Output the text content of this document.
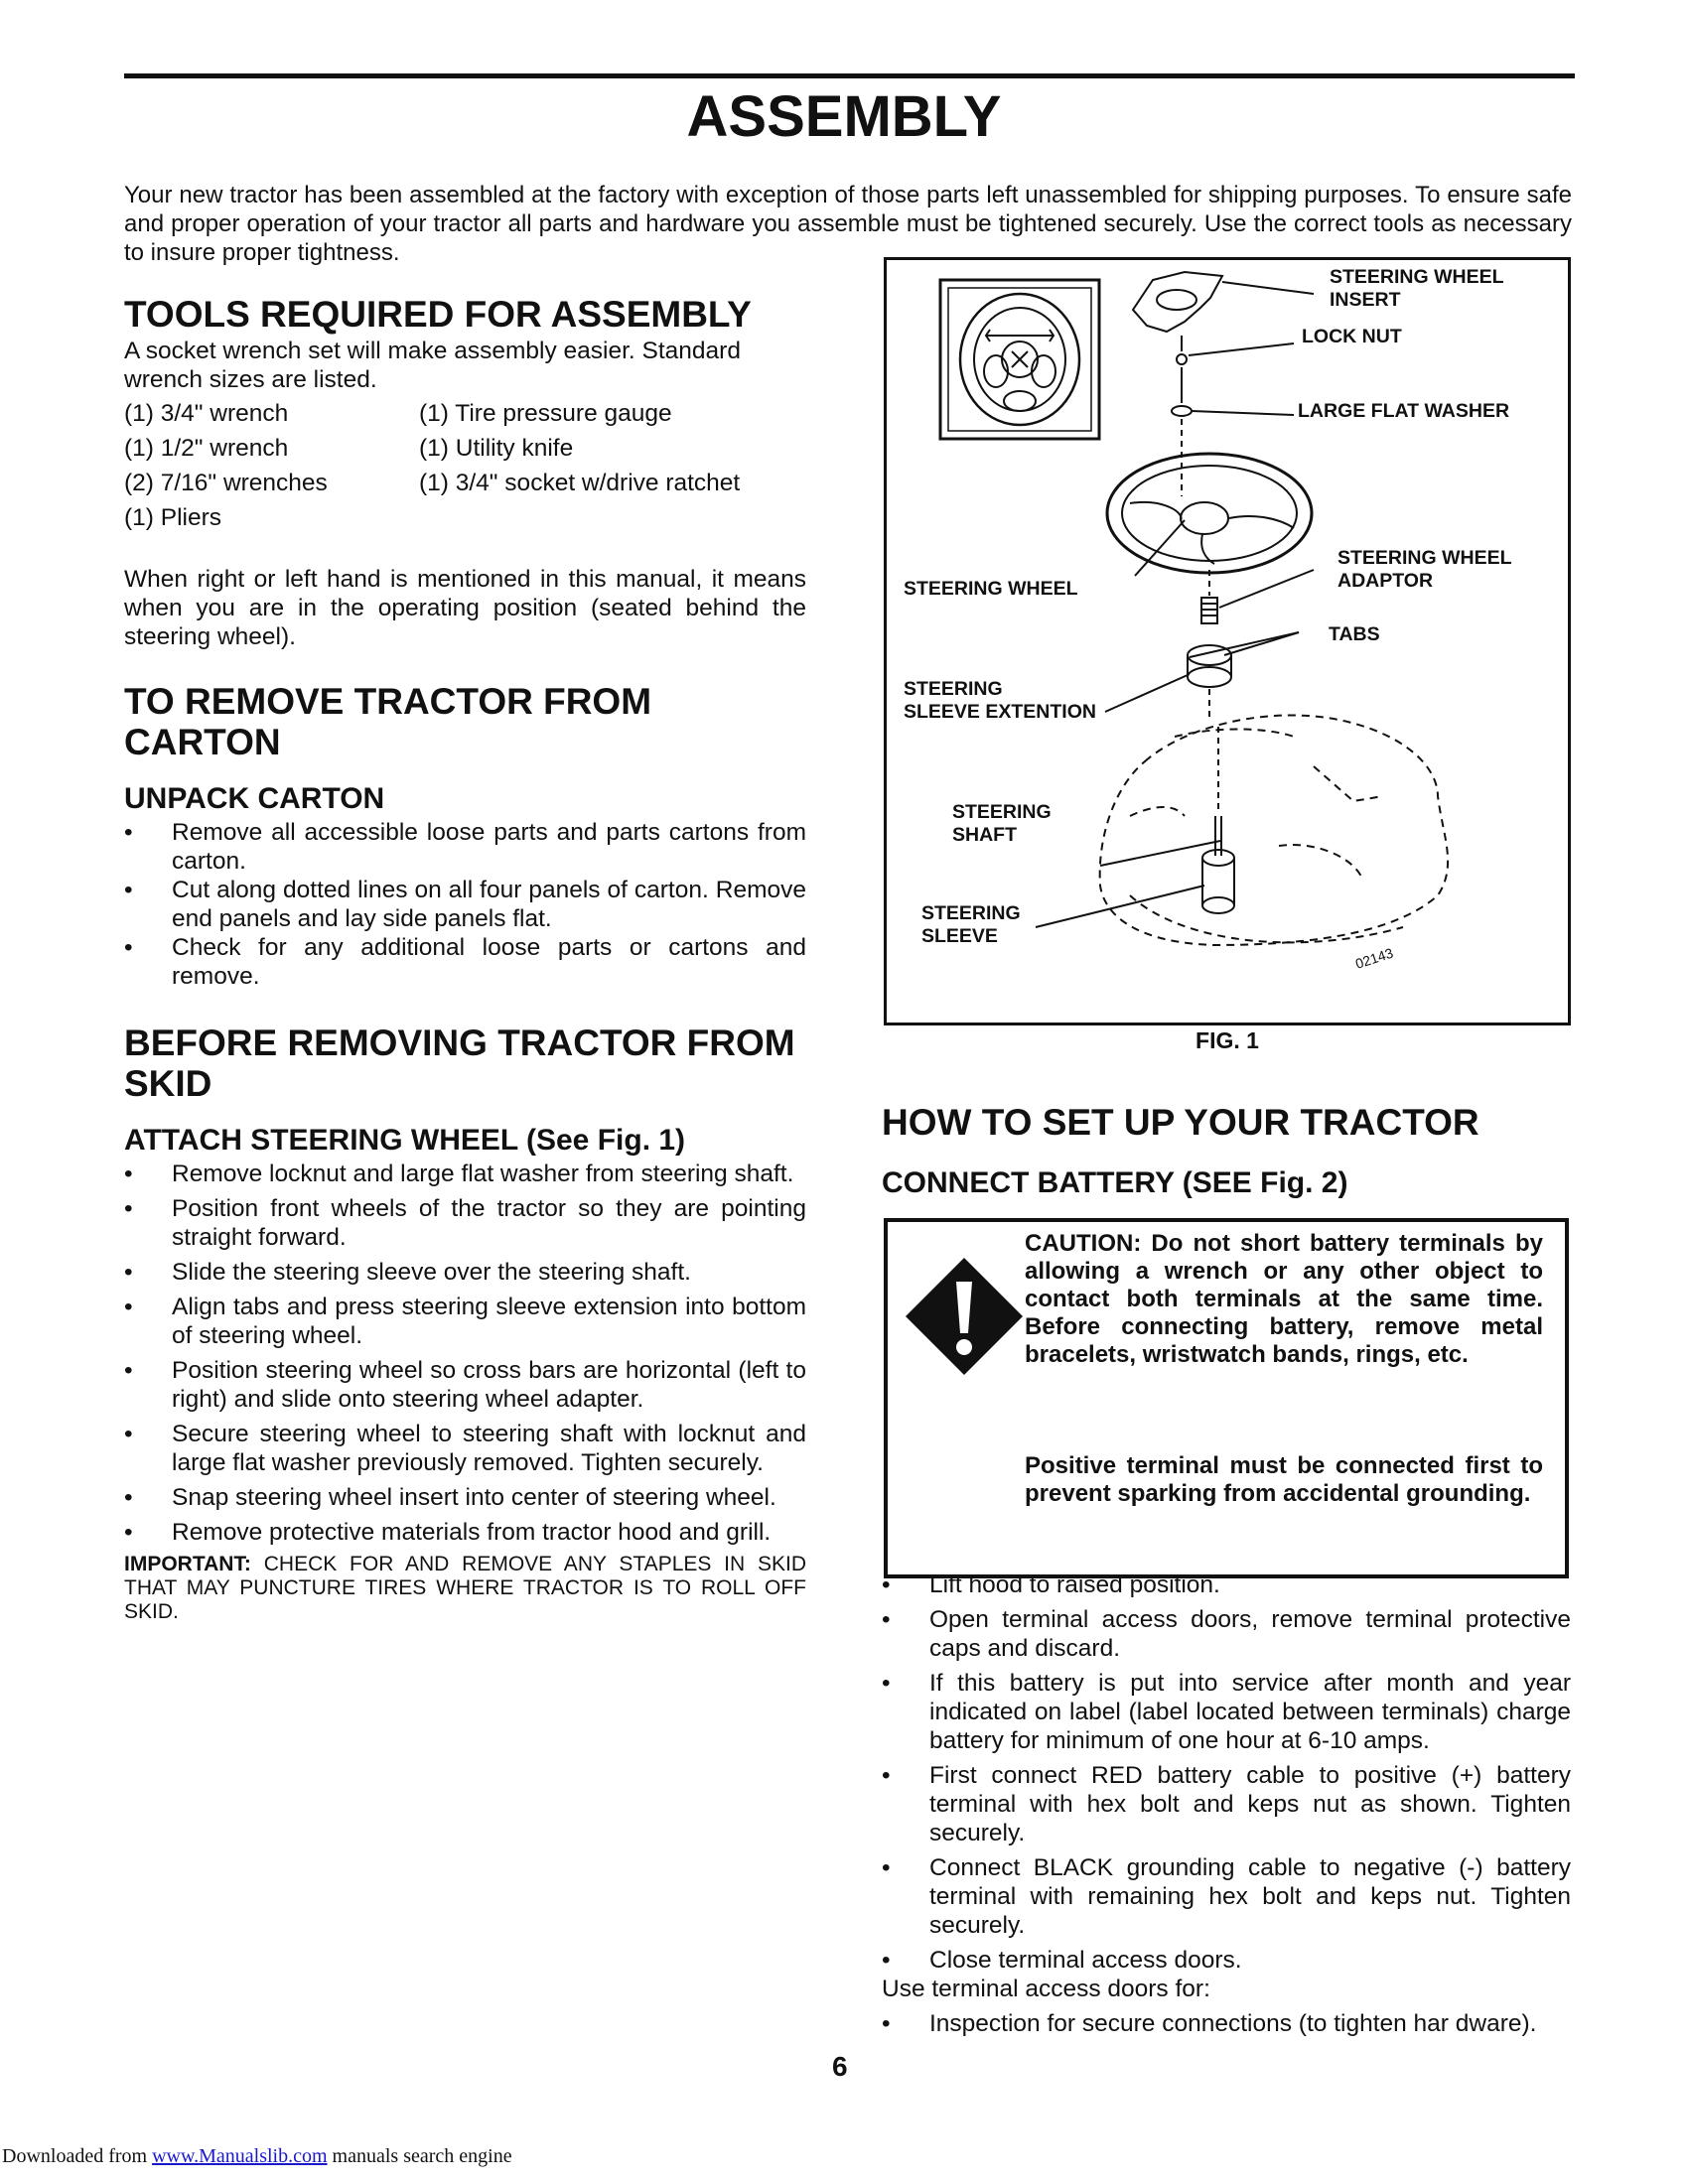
ASSEMBLY
Your new tractor has been assembled at the factory with exception of those parts left unassembled for shipping purposes. To ensure safe and proper operation of your tractor all parts and hardware you assemble must be tightened securely. Use the correct tools as necessary to insure proper tightness.
TOOLS REQUIRED FOR ASSEMBLY
A socket wrench set will make assembly easier. Standard wrench sizes are listed.
(1) 3/4" wrench	(1) Tire pressure gauge
(1) 1/2" wrench	(1) Utility knife
(2) 7/16" wrenches	(1) 3/4" socket w/drive ratchet
(1) Pliers
When right or left hand is mentioned in this manual, it means when you are in the operating position (seated behind the steering wheel).
TO REMOVE TRACTOR FROM CARTON
UNPACK CARTON
• Remove all accessible loose parts and parts cartons from carton.
• Cut along dotted lines on all four panels of carton. Remove end panels and lay side panels flat.
• Check for any additional loose parts or cartons and remove.
BEFORE REMOVING TRACTOR FROM SKID
ATTACH STEERING WHEEL (See Fig. 1)
• Remove locknut and large flat washer from steering shaft.
• Position front wheels of the tractor so they are pointing straight forward.
• Slide the steering sleeve over the steering shaft.
• Align tabs and press steering sleeve extension into bottom of steering wheel.
• Position steering wheel so cross bars are horizontal (left to right) and slide onto steering wheel adapter.
• Secure steering wheel to steering shaft with locknut and large flat washer previously removed. Tighten securely.
• Snap steering wheel insert into center of steering wheel.
• Remove protective materials from tractor hood and grill.
IMPORTANT: CHECK FOR AND REMOVE ANY STAPLES IN SKID THAT MAY PUNCTURE TIRES WHERE TRACTOR IS TO ROLL OFF SKID.
02143
STEERING WHEEL
INSERT
LOCK NUT
LARGE FLAT WASHER
STEERING WHEEL
ADAPTOR
STEERING WHEEL
TABS
STEERING
SLEEVE EXTENTION
STEERING
SHAFT
STEERING
SLEEVE
FIG. 1
HOW TO SET UP YOUR TRACTOR
CONNECT BATTERY (SEE Fig. 2)
CAUTION: Do not short battery terminals by allowing a wrench or any other object to contact both terminals at the same time. Before connecting battery, remove metal bracelets, wristwatch bands, rings, etc.
Positive terminal must be connected first to prevent sparking from accidental grounding.
• Lift hood to raised position.
• Open terminal access doors, remove terminal protective caps and discard.
• If this battery is put into service after month and year indicated on label (label located between terminals) charge battery for minimum of one hour at 6-10 amps.
• First connect RED battery cable to positive (+) battery terminal with hex bolt and keps nut as shown. Tighten securely.
• Connect BLACK grounding cable to negative (-) battery terminal with remaining hex bolt and keps nut. Tighten securely.
• Close terminal access doors.
Use terminal access doors for:
• Inspection for secure connections (to tighten har dware).
6
Downloaded from www.Manualslib.com manuals search engine
